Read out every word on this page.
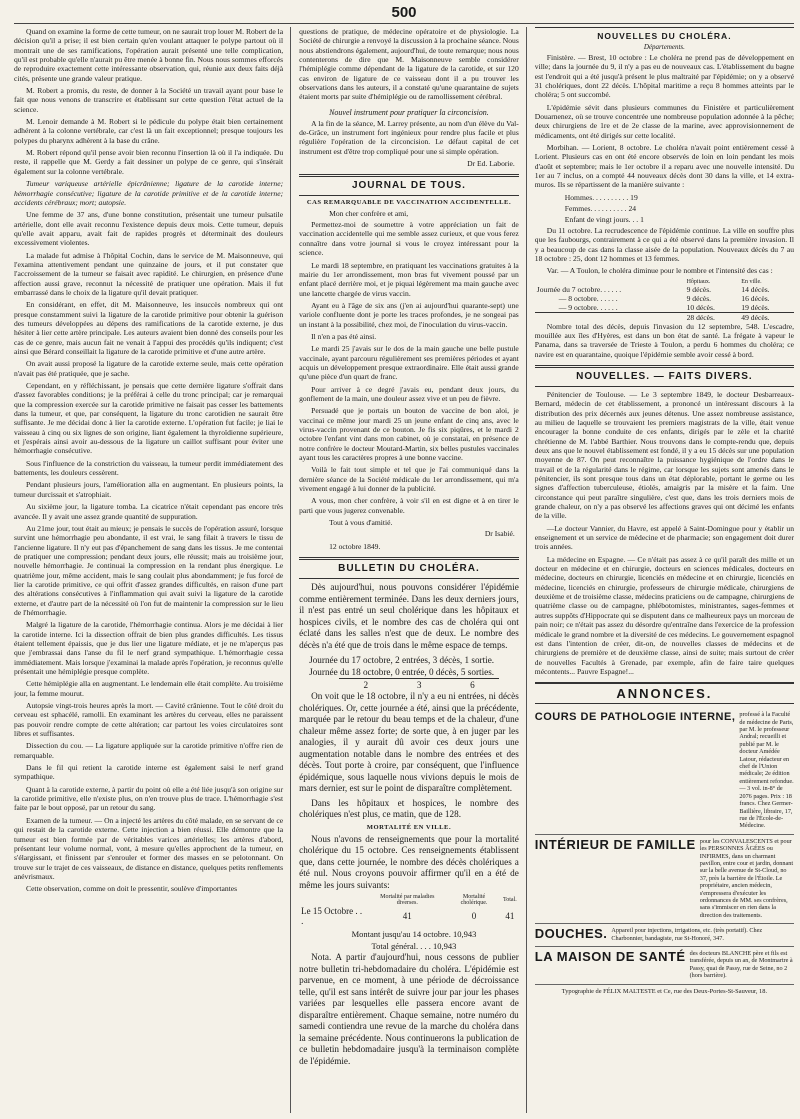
500

Quand on examine la forme de cette tumeur, on ne saurait trop louer M. Robert de la décision qu'il a prise; il est bien certain qu'en voulant attaquer le polype partout où il montrait une de ses ramifications, l'opération aurait présenté une telle complication, qu'il est probable qu'elle n'aurait pu être menée à bonne fin. Nous nous sommes efforcés de reproduire exactement cette intéressante observation, qui, réunie aux deux faits déjà cités, présente une grande valeur pratique.

M. Robert a promis, du reste, de donner à la Société un travail ayant pour base le fait que nous venons de transcrire et établissant sur cette question l'état actuel de la science.

M. Lenoir demande à M. Robert si le pédicule du polype était bien certainement adhérent à la colonne vertébrale, car c'est là un fait exceptionnel; presque toujours les polypes du pharynx adhèrent à la base du crâne.

M. Robert répond qu'il pense avoir bien reconnu l'insertion là où il l'a indiquée. Du reste, il rappelle que M. Gerdy a fait dessiner un polype de ce genre, qui s'insérait également sur la colonne vertébrale.

Tumeur variqueuse artérielle épicrânienne; ligature de la carotide interne; hémorrhagie consécutive; ligature de la carotide primitive et de la carotide interne; accidents cérébraux; mort; autopsie.

Une femme de 37 ans, d'une bonne constitution, présentait une tumeur pulsatile artérielle, dont elle avait reconnu l'existence depuis deux mois. Cette tumeur, depuis qu'elle avait apparu, avait fait de rapides progrès et déterminait des douleurs excessivement violentes.

La malade fut admise à l'hôpital Cochin, dans le service de M. Maisonneuve, qui l'examina attentivement pendant une quinzaine de jours, et il put constater que l'accroissement de la tumeur se faisait avec rapidité. Le chirurgien, en présence d'une affection aussi grave, reconnut la nécessité de pratiquer une opération. Mais il fut embarrassé dans le choix de la ligature qu'il devait pratiquer.

En considérant, en effet, dit M. Maisonneuve, les insuccès nombreux qui ont presque constamment suivi la ligature de la carotide primitive pour obtenir la guérison des tumeurs développées au dépens des ramifications de la carotide externe, je dus hésiter à lier cette artère principale. Les auteurs avaient bien donné des conseils pour les cas de ce genre, mais aucun fait ne venait à l'appui des procédés qu'ils indiquent; c'est ainsi que Bérard conseillait la ligature de la carotide primitive et d'une autre artère.

On avait aussi proposé la ligature de la carotide externe seule, mais cette opération n'avait pas été pratiquée, que je sache.

Cependant, en y réfléchissant, je pensais que cette dernière ligature s'offrait dans d'assez favorables conditions; je la préférai à celle du tronc principal; car je remarquai que la compression exercée sur la carotide primitive ne faisait pas cesser les battements dans la tumeur, et que, par conséquent, la ligature du tronc carotidien ne saurait être suffisante. Je me décidai donc à lier la carotide externe. L'opération fut facile; je liai le vaisseau à cinq ou six lignes de son origine, liant également la thyroïdienne supérieure, et j'espérais ainsi avoir au-dessous de la ligature un caillot suffisant pour éviter une hémorrhagie consécutive.

Sous l'influence de la constriction du vaisseau, la tumeur perdit immédiatement des battements, les douleurs cessèrent.

Pendant plusieurs jours, l'amélioration alla en augmentant. En plusieurs points, la tumeur durcissait et s'atrophiait.

Au sixième jour, la ligature tomba. La cicatrice n'était cependant pas encore très avancée. Il y avait une assez grande quantité de suppuration.

Au 21me jour, tout était au mieux; je pensais le succès de l'opération assuré, lorsque survint une hémorrhagie peu abondante, il est vrai, le sang filait à travers le tissu de l'ancienne ligature. Il n'y eut pas d'épanchement de sang dans les tissus. Je me contentai de pratiquer une compression; pendant deux jours, elle réussit; mais au troisième jour, nouvelle hémorrhagie. Je continuai la compression en la rendant plus énergique. Le quatrième jour, même accident, mais le sang coulait plus abondamment; je fus forcé de lier la carotide primitive, ce qui offrit d'assez grandes difficultés, en raison d'une part des altérations consécutives à l'inflammation qui avait suivi la ligature de la carotide externe, et d'autre part de la nécessité où l'on fut de maintenir la compression sur le lieu de l'hémorrhagie.

Malgré la ligature de la carotide, l'hémorrhagie continua. Alors je me décidai à lier la carotide interne. Ici la dissection offrait de bien plus grandes difficultés. Les tissus étaient tellement épaissis, que je dus lier une ligature médiate, et je ne m'aperçus pas que j'embrassai dans l'anse du fil le nerf grand sympathique. L'hémorrhagie cessa immédiatement. Mais lorsque j'examinai la malade après l'opération, je reconnus qu'elle présentait une hémiplégie presque complète.

Cette hémiplégie alla en augmentant. Le lendemain elle était complète. Au troisième jour, la femme mourut.

Autopsie vingt-trois heures après la mort. — Cavité crânienne. Tout le côté droit du cerveau est sphacélé, ramolli. En examinant les artères du cerveau, elles ne paraissent pas pouvoir rendre compte de cette altération; car partout les voies circulatoires sont libres et suffisantes.

Dissection du cou. — La ligature appliquée sur la carotide primitive n'offre rien de remarquable.

Dans le fil qui retient la carotide interne est également saisi le nerf grand sympathique.

Quant à la carotide externe, à partir du point où elle a été liée jusqu'à son origine sur la carotide primitive, elle n'existe plus, on n'en trouve plus de trace. L'hémorrhagie s'est faite par le bout opposé, par un retour du sang.

Examen de la tumeur. — On a injecté les artères du côté malade, en se servant de ce qui restait de la carotide externe. Cette injection a bien réussi. Elle démontre que la tumeur est bien formée par de véritables varices artérielles; les artères d'abord, présentant leur volume normal, vont, à mesure qu'elles approchent de la tumeur, en s'élargissant, et finissent par s'enrouler et former des masses en se pelotonnant. On trouve sur le trajet de ces vaisseaux, de distance en distance, quelques petits renflements anévrismaux.

Cette observation, comme on doit le pressentir, soulève d'importantes

questions de pratique, de médecine opératoire et de physiologie. La Société de chirurgie a renvoyé la discussion à la prochaine séance. Nous nous abstiendrons également, aujourd'hui, de toute remarque; nous nous contenterons de dire que M. Maisonneuve semble considérer l'hémiplégie comme dépendant de la ligature de la carotide, et sur 120 cas environ de ligature de ce vaisseau dont il a pu trouver les observations dans les auteurs, il a constaté qu'une quarantaine de sujets étaient morts par suite d'hémiplégie ou de ramollissement cérébral.

Nouvel instrument pour pratiquer la circoncision.

A la fin de la séance, M. Larrey présente, au nom d'un élève du Val-de-Grâce, un instrument fort ingénieux pour rendre plus facile et plus régulière l'opération de la circoncision. Le défaut capital de cet instrument est d'être trop compliqué pour une si simple opération.

Dr Ed. Laborie.
JOURNAL DE TOUS.
CAS REMARQUABLE DE VACCINATION ACCIDENTELLE.
Mon cher confrère et ami,

Permettez-moi de soumettre à votre appréciation un fait de vaccination accidentelle qui me semble assez curieux, et que vous ferez connaître dans votre journal si vous le croyez intéressant pour la science.

Le mardi 18 septembre, en pratiquant les vaccinations gratuites à la mairie du 1er arrondissement, mon bras fut vivement poussé par un enfant placé derrière moi, et je piquai légèrement ma main gauche avec une lancette chargée de virus vaccin.

Ayant eu à l'âge de six ans (j'en ai aujourd'hui quarante-sept) une variole confluente dont je porte les traces profondes, je ne songeai pas un instant à la possibilité, chez moi, de l'inoculation du virus-vaccin.

Il n'en a pas été ainsi.

Le mardi 25 j'avais sur le dos de la main gauche une belle pustule vaccinale, ayant parcouru régulièrement ses premières périodes et ayant acquis un développement presque extraordinaire. Elle était aussi grande qu'une pièce d'un quart de franc.

Pour arriver à ce degré j'avais eu, pendant deux jours, du gonflement de la main, une douleur assez vive et un peu de fièvre.

Persuadé que je portais un bouton de vaccine de bon aloi, je vaccinai ce même jour mardi 25 un jeune enfant de cinq ans, avec le virus-vaccin provenant de ce bouton. Je fis six piqûres, et le mardi 2 octobre l'enfant vint dans mon cabinet, où je constatai, en présence de notre confrère le docteur Moutard-Martin, six belles pustules vaccinales ayant tous les caractères propres à une bonne vaccine.

Voilà le fait tout simple et tel que je l'ai communiqué dans la dernière séance de la Société médicale du 1er arrondissement, qui m'a vivement engagé à lui donner de la publicité.

A vous, mon cher confrère, à voir s'il en est digne et à en tirer le parti que vous jugerez convenable.

Tout à vous d'amitié.
Dr Isabié.
12 octobre 1849.
BULLETIN DU CHOLÉRA.

Dès aujourd'hui, nous pouvons considérer l'épidémie comme entièrement terminée. Dans les deux derniers jours, il n'est pas entré un seul cholérique dans les hôpitaux et hospices civils, et le nombre des cas de choléra qui ont éclaté dans les salles n'est que de deux. Le nombre des décès n'a été que de trois dans le même espace de temps.

Journée du 17 octobre, 2 entrées, 3 décès, 1 sortie.
Journée du 18 octobre, 0 entrée, 0 décès, 5 sorties.
2	3	6

On voit que le 18 octobre, il n'y a eu ni entrées, ni décès cholériques. Or, cette journée a été, ainsi que la précédente, marquée par le retour du beau temps et de la chaleur, d'une chaleur même assez forte; de sorte que, à en juger par les analogies, il y aurait dû avoir ces deux jours une augmentation notable dans le nombre des entrées et des décès. Tout porte à croire, par conséquent, que l'influence épidémique, sous laquelle nous vivions depuis le mois de mars dernier, est sur le point de disparaître complètement.

Dans les hôpitaux et hospices, le nombre des cholériques n'est plus, ce matin, que de 128.

MORTALITÉ EN VILLE.

Nous n'avons de renseignements que pour la mortalité cholérique du 15 octobre. Ces renseignements établissent que, dans cette journée, le nombre des décès cholériques a été nul. Nous croyons pouvoir affirmer qu'il en a été de même les jours suivants:

	Mortalité par maladies diverses.	Mortalité cholérique.	Total.
Le 15 Octobre . . .	41	0	41
Montant jusqu'au 14 octobre. 10,943
Total général. . . . 10,943

Nota. A partir d'aujourd'hui, nous cessons de publier notre bulletin tri-hebdomadaire du choléra. L'épidémie est parvenue, en ce moment, à une période de décroissance telle, qu'il est sans intérêt de suivre jour par jour les phases variées par lesquelles elle passera encore avant de disparaître entièrement. Chaque semaine, notre numéro du samedi contiendra une revue de la marche du choléra dans la semaine précédente. Nous continuerons la publication de ce bulletin hebdomadaire jusqu'à la terminaison complète de l'épidémie.

NOUVELLES DU CHOLÉRA.
Départements.

Finistère. — Brest, 10 octobre : Le choléra ne prend pas de développement en ville; dans la journée du 9, il n'y a pas eu de nouveaux cas. L'établissement du bagne est l'endroit qui a été jusqu'à présent le plus maltraité par l'épidémie; on y a observé 31 cholériques, dont 22 décès. L'hôpital maritime a reçu 8 hommes atteints par le choléra; 5 ont succombé.

L'épidémie sévit dans plusieurs communes du Finistère et particulièrement Douarnenez, où se trouve concentrée une nombreuse population adonnée à la pêche; deux chirurgiens de 1re et de 2e classe de la marine, avec approvisionnement de médicaments, ont été dirigés sur cette localité.

Morbihan. — Lorient, 8 octobre. Le choléra n'avait point entièrement cessé à Lorient. Plusieurs cas en ont été encore observés de loin en loin pendant les mois d'août et septembre; mais le 1er octobre il a reparu avec une nouvelle intensité. Du 1er au 7 inclus, on a compté 44 nouveaux décès dont 30 dans la ville, et 14 extra-muros. Ils se répartissent de la manière suivante :

Hommes. . . . . . . . . . 19
Femmes. . . . . . . . . . 24
Enfant de vingt jours. . . 1

Du 11 octobre. La recrudescence de l'épidémie continue. La ville en souffre plus que les faubourgs, contrairement à ce qui a été observé dans la première invasion. Il y a beaucoup de cas dans la classe aisée de la population. Nouveaux décès du 7 au 18 octobre : 25, dont 12 hommes et 13 femmes.

Var. — A Toulon, le choléra diminue pour le nombre et l'intensité des cas :

	Hôpitaux.	En ville.
Journée du 7 octobre. . . . . .	9 décès.	14 décès.
— 8 octobre. . . . . .	9 décès.	16 décès.
— 9 octobre. . . . . .	10 décès.	19 décès.
	28 décès.	49 décès.

Nombre total des décès, depuis l'invasion du 12 septembre, 548. L'escadre, mouillée aux îles d'Hyères, est dans un bon état de santé. La frégate à vapeur le Panama, dans sa traversée de Trieste à Toulon, a perdu 6 hommes du choléra; ce navire est en quarantaine, quoique l'épidémie semble avoir cessé à bord.

NOUVELLES. — FAITS DIVERS.

Pénitencier de Toulouse. — Le 3 septembre 1849, le docteur Desbarreaux-Bernard, médecin de cet établissement, a prononcé un intéressant discours à la distribution des prix décernés aux jeunes détenus. Une assez nombreuse assistance, au milieu de laquelle se trouvaient les premiers magistrats de la ville, était venue encourager la bonne conduite de ces enfants, dirigés par le zèle et la charité chrétienne de M. l'abbé Barthier. Nous trouvons dans le compte-rendu que, depuis deux ans que le nouvel établissement est fondé, il y a eu 15 décès sur une population moyenne de 87. On peut reconnaître la puissance hygiénique de l'ordre dans le travail et de la régularité dans le régime, car lorsque les sujets sont amenés dans le pénitencier, ils sont presque tous dans un état déplorable, portant le germe ou les signes d'affection tuberculeuse, étiolés, amaigris par la misère et la faim. Une circonstance qui peut paraître singulière, c'est que, dans les trois derniers mois de grande chaleur, on n'y a pas observé les affections graves qui ont décimé les enfants de la ville.

—Le docteur Vannier, du Havre, est appelé à Saint-Domingue pour y établir un enseignement et un service de médecine et de pharmacie; son engagement doit durer trois années.

La médecine en Espagne. — Ce n'était pas assez à ce qu'il paraît des mille et un docteur en médecine et en chirurgie, docteurs en sciences médicales, docteurs en médecine, docteurs en chirurgie, licenciés en médecine et en chirurgie, licenciés en médecine, licenciés en chirurgie, professeurs de chirurgie médicale, chirurgiens de deuxième et de troisième classe, médecins praticiens ou de campagne, chirurgiens de quatrième classe ou de campagne, phlébotomistes, ministrantes, sages-femmes et autres suppôts d'Hippocrate qui se disputent dans ce malheureux pays un morceau de pain noir; ce n'était pas assez du désordre qu'entraîne dans l'exercice de la profession médicale le grand nombre et la diversité de ces médecins. Le gouvernement espagnol est dans l'intention de créer, dit-on, de nouvelles classes de médecins et de chirurgiens de première et de deuxième classe, ainsi de suite; mais surtout de créer de nouvelles Facultés à Grenade, par exemple, afin de faire taire quelques mécontents... Pauvre Espagne!...

ANNONCES.
COURS DE PATHOLOGIE INTERNE, professé à la Faculté de médecine de Paris, par M. le professeur Andral; recueilli et publié par M. le docteur Amédée Latour, rédacteur en chef de l'Union médicale; 2e édition entièrement refondue. — 3 vol. in-8° de 2076 pages. Prix : 18 francs. Chez Germer-Baillière, libraire, 17, rue de l'École-de-Médecine.
INTÉRIEUR DE FAMILLE pour les CONVALESCENTS et pour les PERSONNES ÂGÉES ou INFIRMES, dans un charmant pavillon, entre cour et jardin, donnant sur la belle avenue de St-Cloud, no 37, près la barrière de l'Étoile. Le propriétaire, ancien médecin, s'empressera d'exécuter les ordonnances de MM. ses confrères, sans s'immiscer en rien dans la direction des traitements.
DOUCHES. Appareil pour injections, irrigations, etc. (très portatif). Chez Charbonnier, bandagiste, rue St-Honoré, 347.
LA MAISON DE SANTÉ des docteurs BLANCHE père et fils est transférée, depuis un an, de Montmartre à Passy, quai de Passy, rue de Seine, no 2 (hors barrière).
Typographie de FÉLIX MALTESTE et Ce, rue des Deux-Portes-St-Sauveur, 18.
